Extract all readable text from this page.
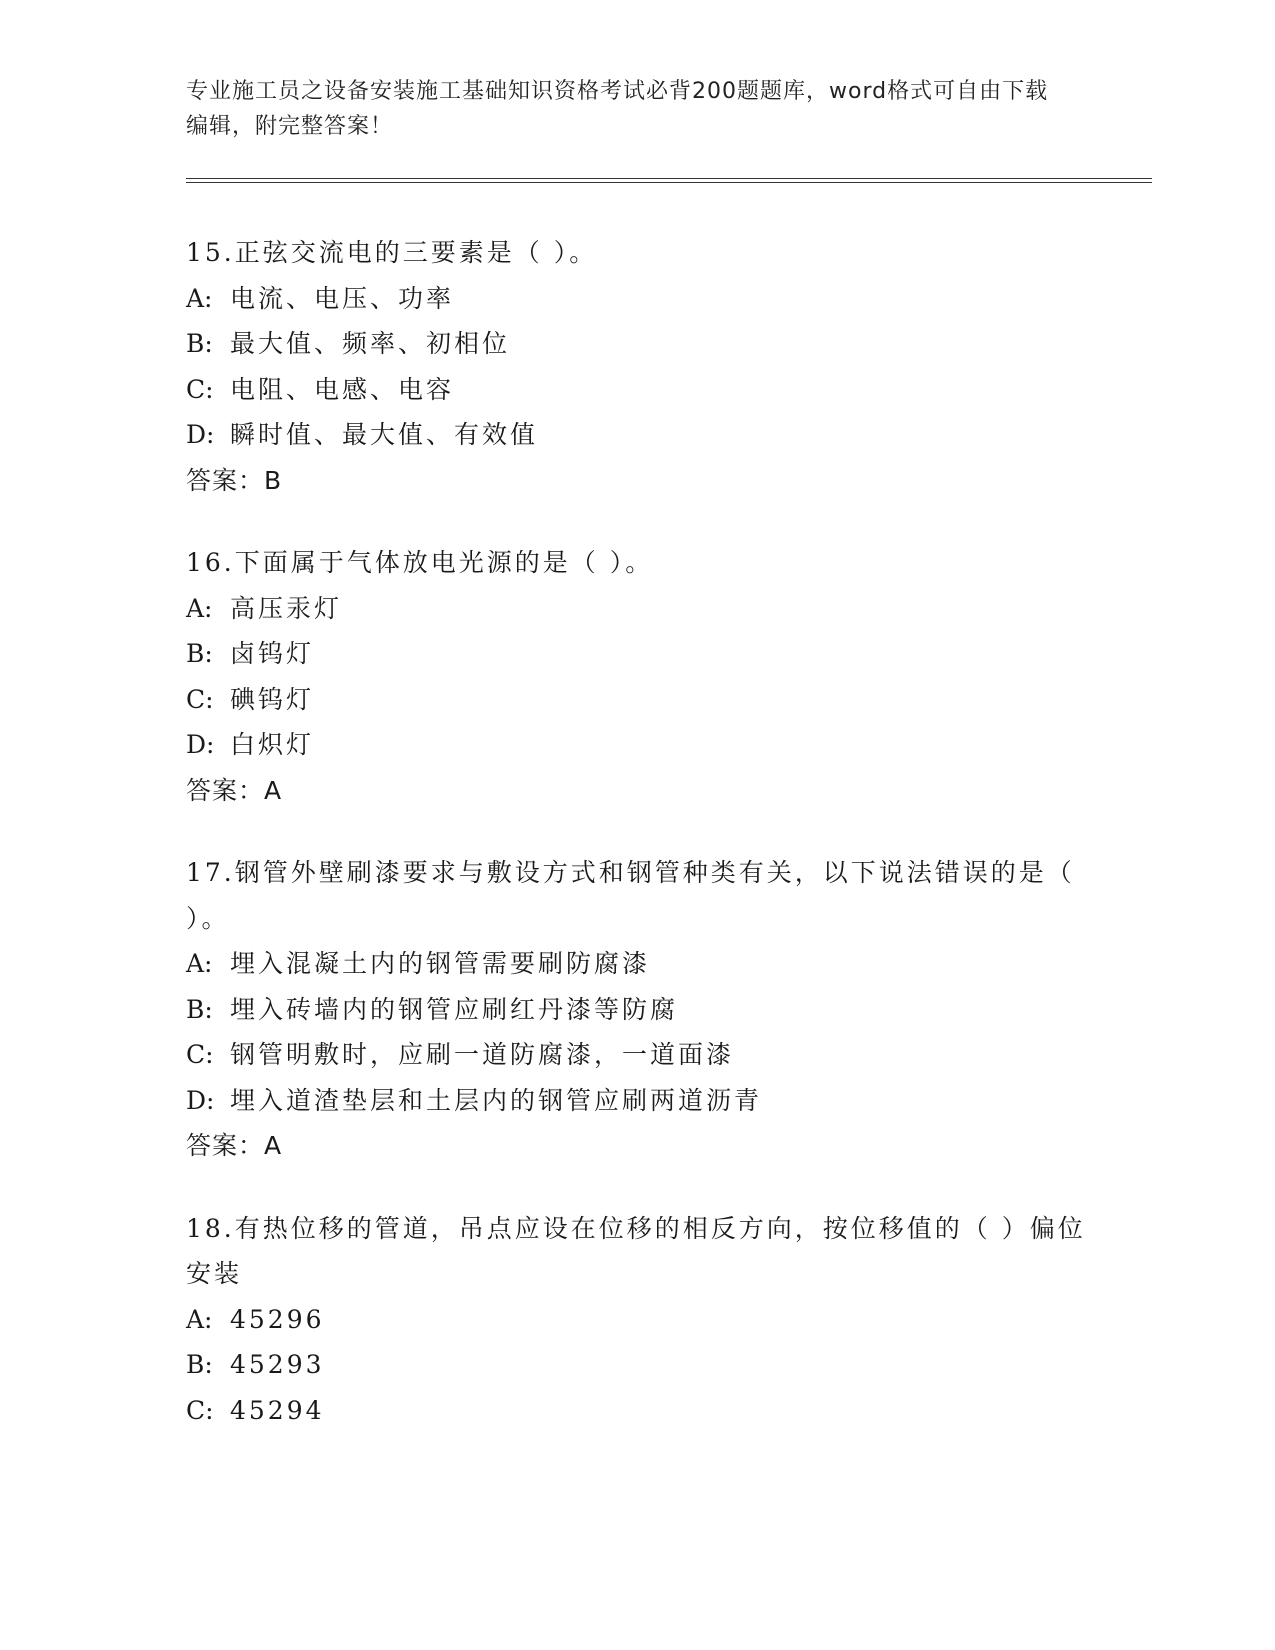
专业施工员之设备安装施工基础知识资格考试必背200题题库，word格式可自由下载编辑，附完整答案！

15.正弦交流电的三要素是（ ）。

A: 电流、电压、功率

B: 最大值、频率、初相位

C: 电阻、电感、电容

D: 瞬时值、最大值、有效值

答案：B

16.下面属于气体放电光源的是（ ）。

A: 高压汞灯

B: 卤钨灯

C: 碘钨灯

D: 白炽灯

答案：A

17.钢管外壁刷漆要求与敷设方式和钢管种类有关，以下说法错误的是（ ）。

A: 埋入混凝土内的钢管需要刷防腐漆

B: 埋入砖墙内的钢管应刷红丹漆等防腐

C: 钢管明敷时，应刷一道防腐漆，一道面漆

D: 埋入道渣垫层和土层内的钢管应刷两道沥青

答案：A

18.有热位移的管道，吊点应设在位移的相反方向，按位移值的（ ）偏位安装

A: 45296

B: 45293

C: 45294
